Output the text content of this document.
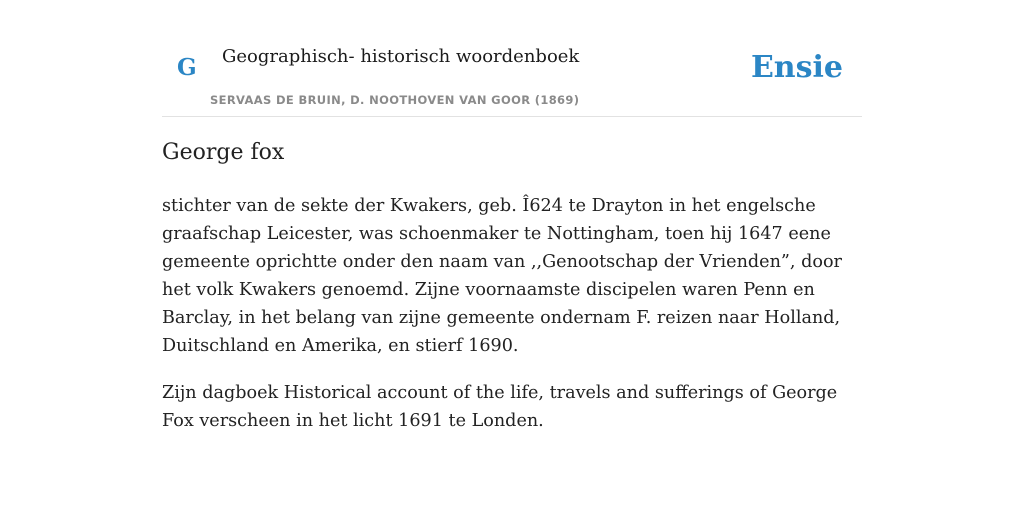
G Geographisch- historisch woordenboek
SERVAAS DE BRUIN, D. NOOTHOVEN VAN GOOR (1869)
Ensie
George fox

stichter van de sekte der Kwakers, geb. Î624 te Drayton in het engelsche graafschap Leicester, was schoenmaker te Nottingham, toen hij 1647 eene gemeente oprichtte onder den naam van ,,Genootschap der Vrienden”, door het volk Kwakers genoemd. Zijne voornaamste discipelen waren Penn en Barclay, in het belang van zijne gemeente ondernam F. reizen naar Holland, Duitschland en Amerika, en stierf 1690.

Zijn dagboek Historical account of the life, travels and sufferings of George Fox verscheen in het licht 1691 te Londen.
